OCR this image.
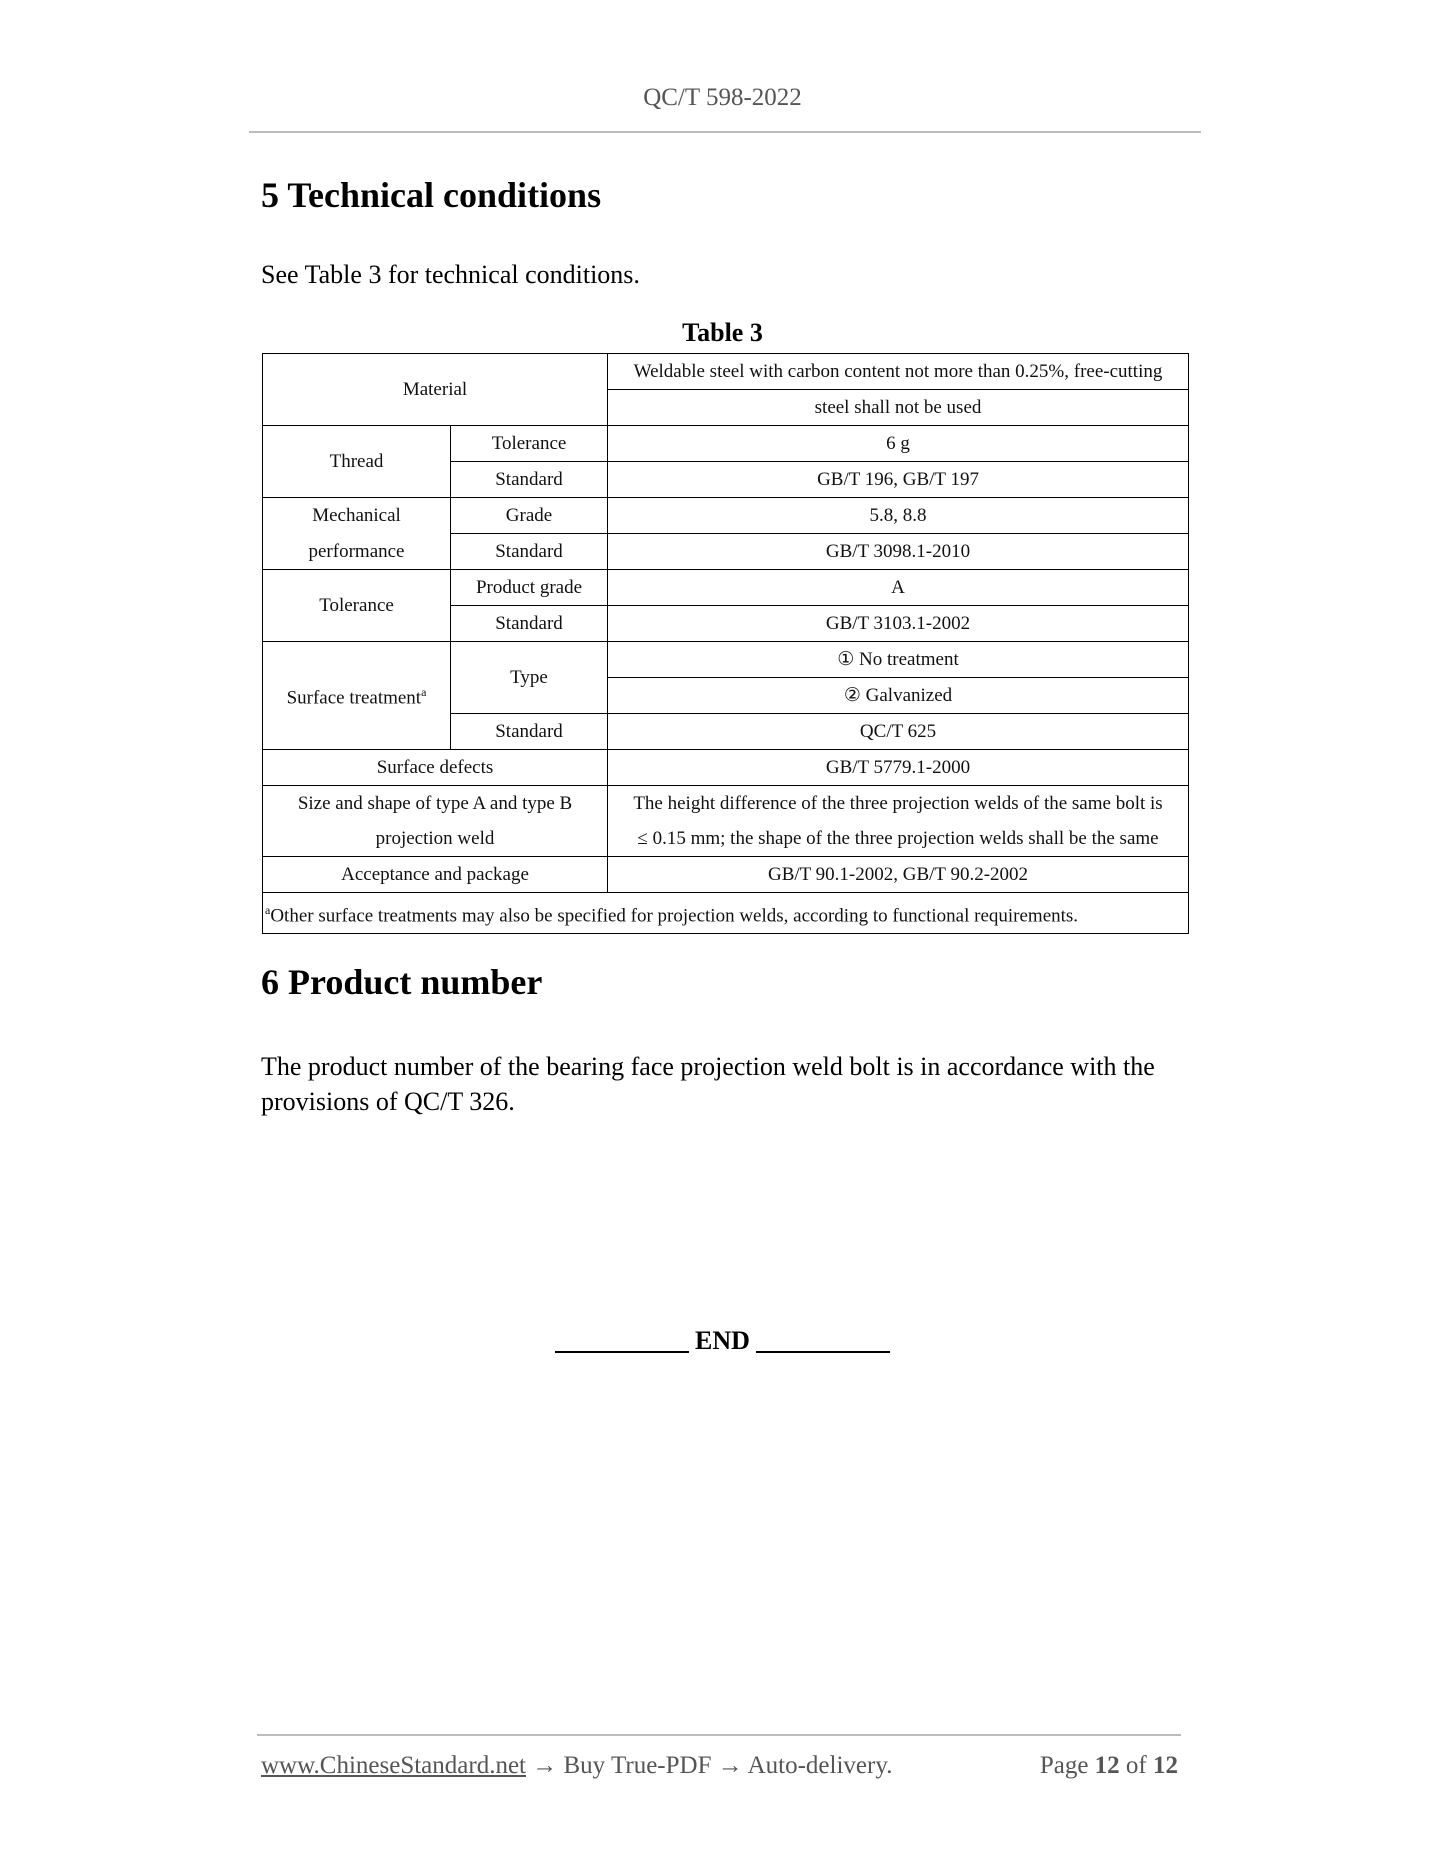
QC/T 598-2022
5 Technical conditions
See Table 3 for technical conditions.
Table 3
Material		Weldable steel with carbon content not more than 0.25%, free-cutting
		steel shall not be used
Thread	Tolerance	6 g
	Standard	GB/T 196, GB/T 197
Mechanical	Grade	5.8, 8.8
performance	Standard	GB/T 3098.1-2010
Tolerance	Product grade	A
	Standard	GB/T 3103.1-2002
Surface treatment$^a$	Type	① No treatment
		② Galvanized
	Standard	QC/T 625
Surface defects		GB/T 5779.1-2000
Size and shape of type A and type B		The height difference of the three projection welds of the same bolt is
projection weld		≤ 0.15 mm; the shape of the three projection welds shall be the same
Acceptance and package		GB/T 90.1-2002, GB/T 90.2-2002
$^a$Other surface treatments may also be specified for projection welds, according to functional requirements.		
6 Product number
The product number of the bearing face projection weld bolt is in accordance with the provisions of QC/T 326.
END
www.ChineseStandard.net → Buy True-PDF → Auto-delivery.	Page 12 of 12
